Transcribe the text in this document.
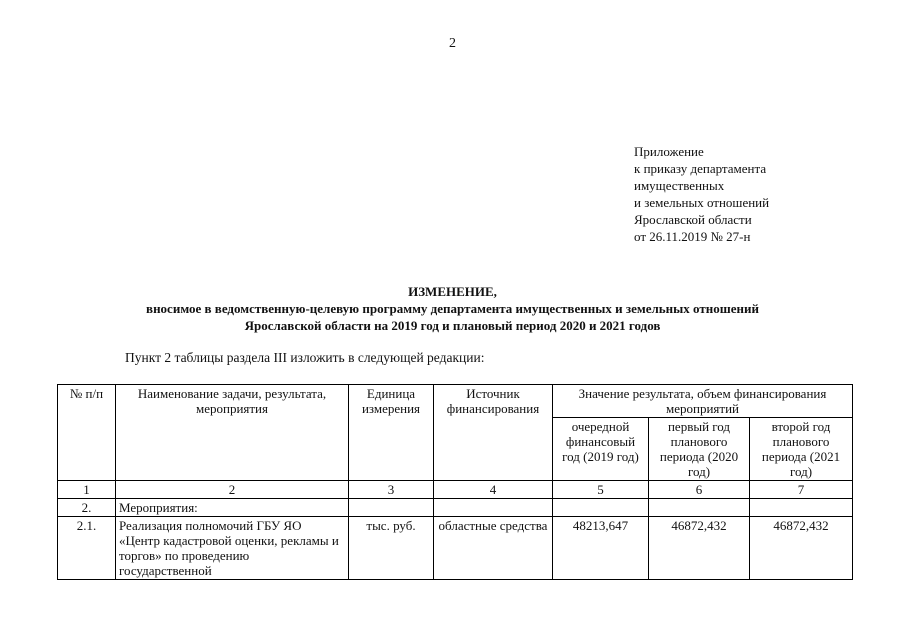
2
Приложение
к приказу департамента
имущественных
и земельных отношений
Ярославской области
от 26.11.2019 № 27-н
ИЗМЕНЕНИЕ,
вносимое в ведомственную-целевую программу департамента имущественных и земельных отношений
Ярославской области на 2019 год и плановый период 2020 и 2021 годов
Пункт 2 таблицы раздела III изложить в следующей редакции:
№ п/п	Наименование задачи, результата, мероприятия	Единица измерения	Источник финансирования	Значение результата, объем финансирования мероприятий		
				очередной финансовый год (2019 год)	первый год планового периода (2020 год)	второй год планового периода (2021 год)
1	2	3	4	5	6	7
2.	Мероприятия:					
2.1.	Реализация полномочий ГБУ ЯО «Центр кадастровой оценки, рекламы и торгов» по проведению государственной	тыс. руб.	областные средства	48213,647	46872,432	46872,432
